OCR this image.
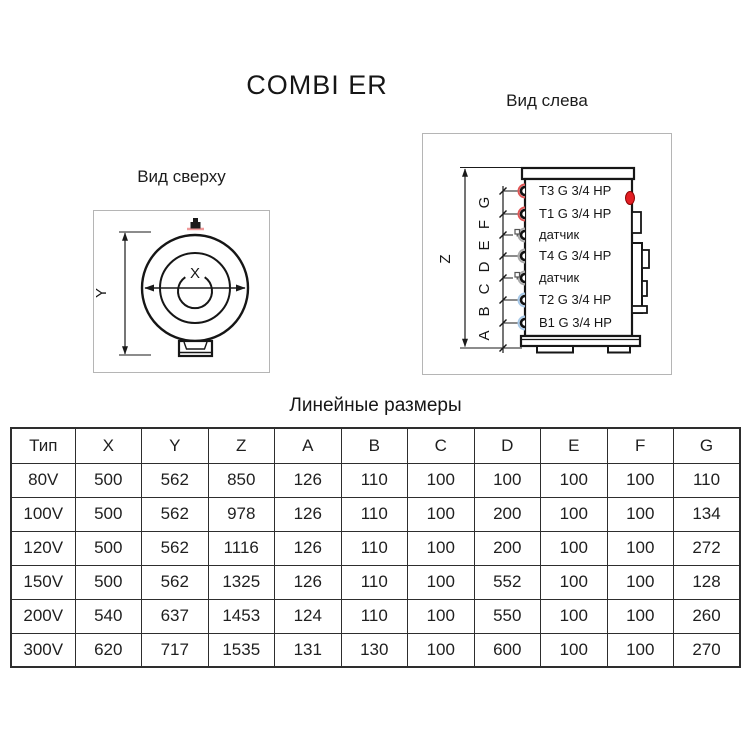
COMBI ER
Вид слева
Вид сверху
X
Y
Z
G
F
E
D
C
B
A
T3 G 3/4 HP
T1 G 3/4 HP
датчик
T4 G 3/4 HP
датчик
T2 G 3/4 HP
B1 G 3/4 HP
Линейные размеры
Тип	X	Y	Z	A	B	C	D	E	F	G
80V	500	562	850	126	110	100	100	100	100	110
100V	500	562	978	126	110	100	200	100	100	134
120V	500	562	1116	126	110	100	200	100	100	272
150V	500	562	1325	126	110	100	552	100	100	128
200V	540	637	1453	124	110	100	550	100	100	260
300V	620	717	1535	131	130	100	600	100	100	270
